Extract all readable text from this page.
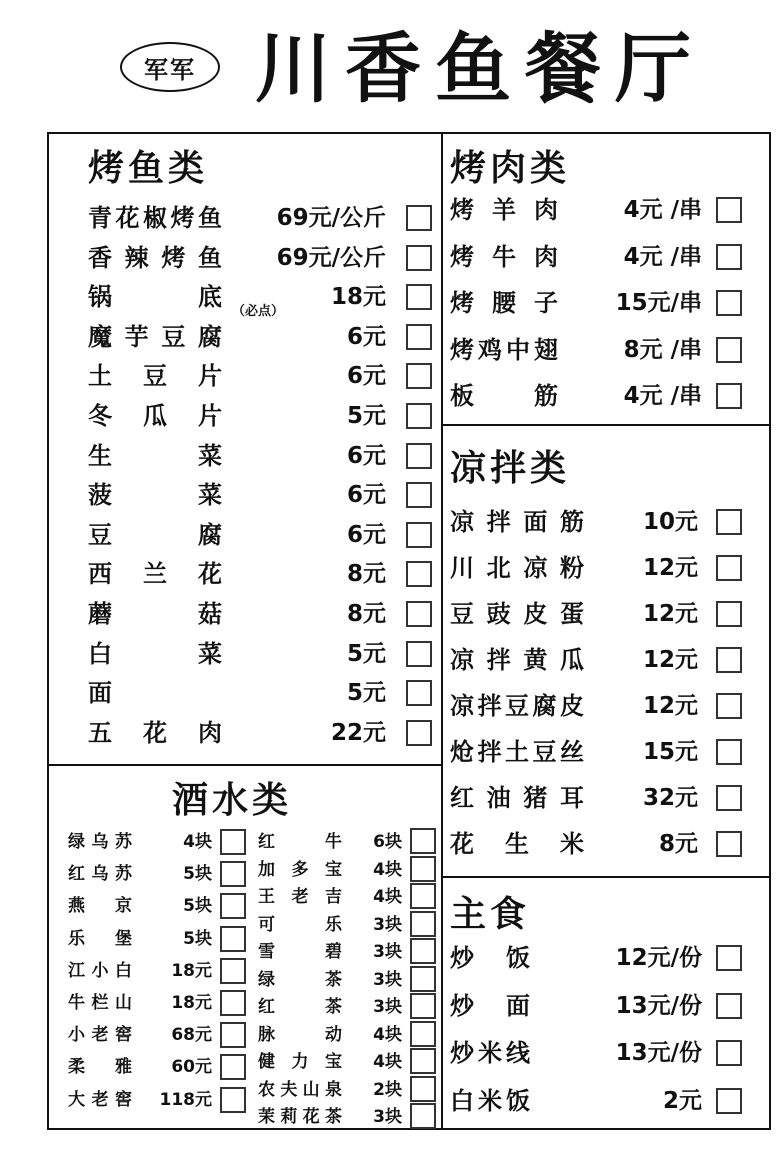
军军 川香鱼餐厅
烤鱼类
酒水类
烤肉类
凉拌类
主食
（必点）
青 花 椒 烤 鱼 69元/公斤
香 辣 烤 鱼 69元/公斤
锅	底	18元
魔 芋 豆 腐	6元
土 豆 片	6元
冬 瓜 片	5元
生	菜	6元
菠	菜	6元
豆	腐	6元
西 兰 花	8元
蘑	菇	8元
白	菜	5元
面	5元
五 花 肉	22元
烤 羊 肉	4元 /串
烤 牛 肉	4元 /串
烤 腰 子	15元/串
烤 鸡 中 翅	8元 /串
板	筋	4元 /串
凉 拌 面 筋	10元
川 北 凉 粉	12元
豆 豉 皮 蛋	12元
凉 拌 黄 瓜	12元
凉 拌 豆 腐 皮	12元
炝 拌 土 豆 丝	15元
红 油 猪 耳	32元
花 生 米	8元
炒 饭	12元/份
炒 面	13元/份
炒 米 线	13元/份
白 米 饭	2元
绿 乌 苏	4块
红 乌 苏	5块
燕 京	5块
乐 堡	5块
江 小 白 18元
牛 栏 山 18元
小 老 窖 68元
柔 雅 60元
大 老 窖 118元
红	牛 6块
加 多 宝 4块
王 老 吉 4块
可	乐 3块
雪	碧 3块
绿	茶 3块
红	茶 3块
脉	动 4块
健 力 宝 4块
农 夫 山 泉 2块
茉 莉 花 茶 3块
